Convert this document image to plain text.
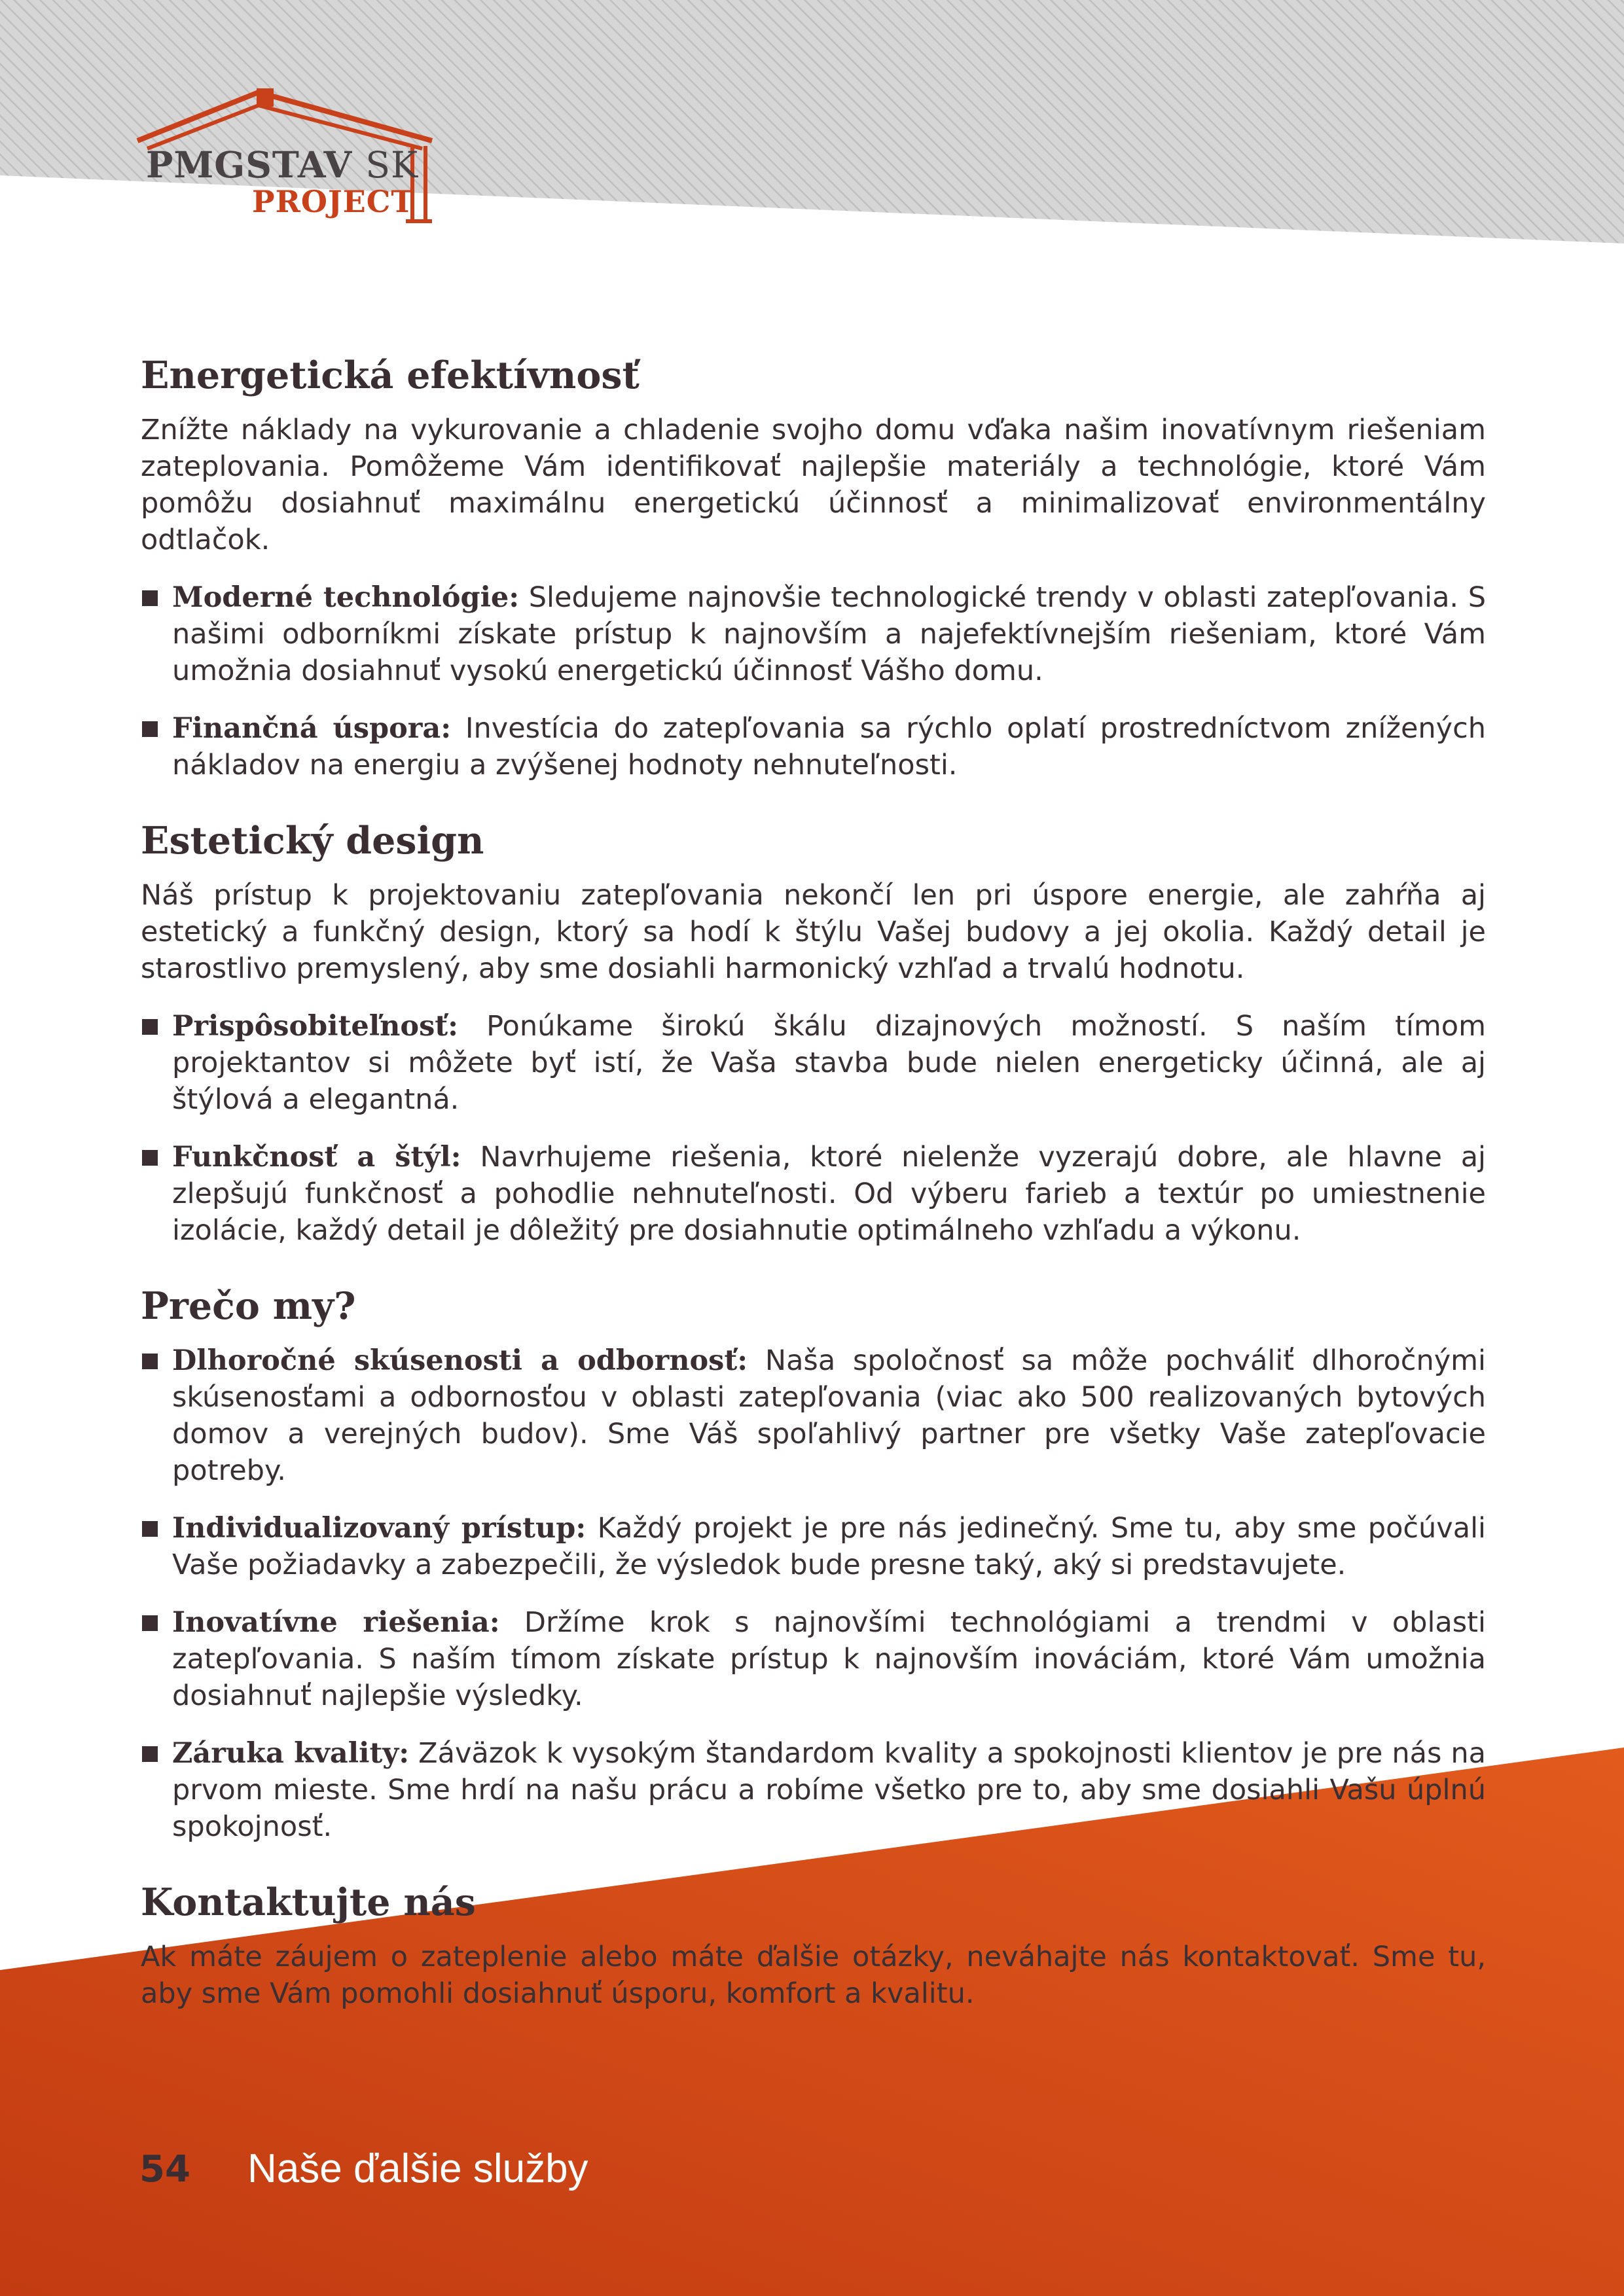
PMGSTAV SK
PROJECT
Energetická efektívnosť

Znížte náklady na vykurovanie a chladenie svojho domu vďaka našim inovatívnym riešeniam zateplovania. Pomôžeme Vám identifikovať najlepšie materiály a technológie, ktoré Vám pomôžu dosiahnuť maximálnu energetickú účinnosť a minimalizovať environmentálny odtlačok.

Moderné technológie: Sledujeme najnovšie technologické trendy v oblasti zatepľovania. S našimi odborníkmi získate prístup k najnovším a najefektívnejším riešeniam, ktoré Vám umožnia dosiahnuť vysokú energetickú účinnosť Vášho domu.
Finančná úspora: Investícia do zatepľovania sa rýchlo oplatí prostredníctvom znížených nákladov na energiu a zvýšenej hodnoty nehnuteľnosti.
Estetický design

Náš prístup k projektovaniu zatepľovania nekončí len pri úspore energie, ale zahŕňa aj estetický a funkčný design, ktorý sa hodí k štýlu Vašej budovy a jej okolia. Každý detail je starostlivo premyslený, aby sme dosiahli harmonický vzhľad a trvalú hodnotu.

Prispôsobiteľnosť: Ponúkame širokú škálu dizajnových možností. S naším tímom projektantov si môžete byť istí, že Vaša stavba bude nielen energeticky účinná, ale aj štýlová a elegantná.
Funkčnosť a štýl: Navrhujeme riešenia, ktoré nielenže vyzerajú dobre, ale hlavne aj zlepšujú funkčnosť a pohodlie nehnuteľnosti. Od výberu farieb a textúr po umiestnenie izolácie, každý detail je dôležitý pre dosiahnutie optimálneho vzhľadu a výkonu.
Prečo my?
Dlhoročné skúsenosti a odbornosť: Naša spoločnosť sa môže pochváliť dlhoročnými skúsenosťami a odbornosťou v oblasti zatepľovania (viac ako 500 realizovaných bytových domov a verejných budov). Sme Váš spoľahlivý partner pre všetky Vaše zatepľovacie potreby.
Individualizovaný prístup: Každý projekt je pre nás jedinečný. Sme tu, aby sme počúvali Vaše požiadavky a zabezpečili, že výsledok bude presne taký, aký si predstavujete.
Inovatívne riešenia: Držíme krok s najnovšími technológiami a trendmi v oblasti zatepľovania. S naším tímom získate prístup k najnovším inováciám, ktoré Vám umožnia dosiahnuť najlepšie výsledky.
Záruka kvality: Záväzok k vysokým štandardom kvality a spokojnosti klientov je pre nás na prvom mieste. Sme hrdí na našu prácu a robíme všetko pre to, aby sme dosiahli Vašu úplnú spokojnosť.
Kontaktujte nás

Ak máte záujem o zateplenie alebo máte ďalšie otázky, neváhajte nás kontaktovať. Sme tu, aby sme Vám pomohli dosiahnuť úsporu, komfort a kvalitu.

54 Naše ďalšie služby
